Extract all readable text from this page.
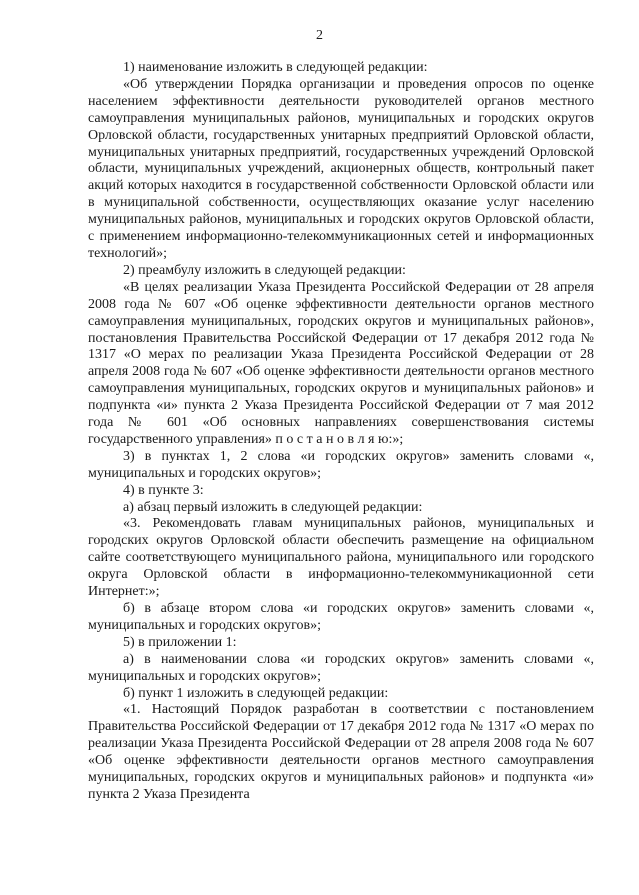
2

1) наименование изложить в следующей редакции:

«Об утверждении Порядка организации и проведения опросов по оценке населением эффективности деятельности руководителей органов местного самоуправления муниципальных районов, муниципальных и городских округов Орловской области, государственных унитарных предприятий Орловской области, муниципальных унитарных предприятий, государственных учреждений Орловской области, муниципальных учреждений, акционерных обществ, контрольный пакет акций которых находится в государственной собственности Орловской области или в муниципальной собственности, осуществляющих оказание услуг населению муниципальных районов, муниципальных и городских округов Орловской области, с применением информационно-телекоммуникационных сетей и информационных технологий»;

2) преамбулу изложить в следующей редакции:

«В целях реализации Указа Президента Российской Федерации от 28 апреля 2008 года № 607 «Об оценке эффективности деятельности органов местного самоуправления муниципальных, городских округов и муниципальных районов», постановления Правительства Российской Федерации от 17 декабря 2012 года № 1317 «О мерах по реализации Указа Президента Российской Федерации от 28 апреля 2008 года № 607 «Об оценке эффективности деятельности органов местного самоуправления муниципальных, городских округов и муниципальных районов» и подпункта «и» пункта 2 Указа Президента Российской Федерации от 7 мая 2012 года № 601 «Об основных направлениях совершенствования системы государственного управления» п о с т а н о в л я ю:»;

3) в пунктах 1, 2 слова «и городских округов» заменить словами «, муниципальных и городских округов»;

4) в пункте 3:

а) абзац первый изложить в следующей редакции:

«3. Рекомендовать главам муниципальных районов, муниципальных и городских округов Орловской области обеспечить размещение на официальном сайте соответствующего муниципального района, муниципального или городского округа Орловской области в информационно-телекоммуникационной сети Интернет:»;

б) в абзаце втором слова «и городских округов» заменить словами «, муниципальных и городских округов»;

5) в приложении 1:

а) в наименовании слова «и городских округов» заменить словами «, муниципальных и городских округов»;

б) пункт 1 изложить в следующей редакции:

«1. Настоящий Порядок разработан в соответствии с постановлением Правительства Российской Федерации от 17 декабря 2012 года № 1317 «О мерах по реализации Указа Президента Российской Федерации от 28 апреля 2008 года № 607 «Об оценке эффективности деятельности органов местного самоуправления муниципальных, городских округов и муниципальных районов» и подпункта «и» пункта 2 Указа Президента
